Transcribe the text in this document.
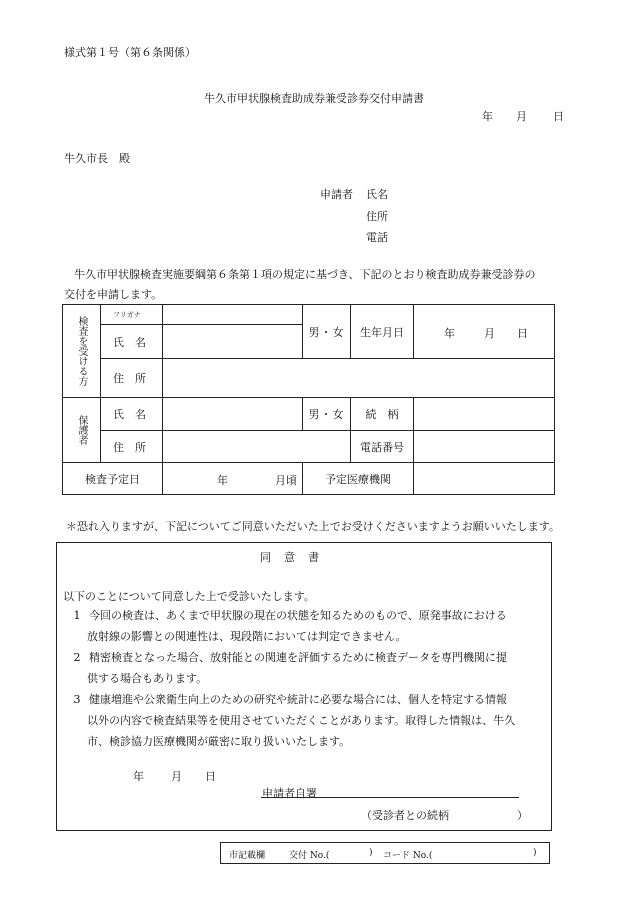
様式第１号（第６条関係）
牛久市甲状腺検査助成券兼受診券交付申請書
年 月 日
牛久市長　殿
申請者 氏名
住所
電話
牛久市甲状腺検査実施要綱第６条第１項の規定に基づき、下記のとおり検査助成券兼受診券の
交付を申請します。
検査を受ける方	フリガナ		男・女	生年月日	年 月 日

	氏　名				
	住　所				

保護者	氏　名		男・女	続　柄	
	住　所			電話番号	
検査予定日		年 月頃	予定医療機関		
＊恐れ入りますが、下記についてご同意いただいた上でお受けくださいますようお願いいたします。
同　意　書
以下のことについて同意した上で受診いたします。
1 今回の検査は、あくまで甲状腺の現在の状態を知るためのもので、原発事故における
放射線の影響との関連性は、現段階においては判定できません。
2 精密検査となった場合、放射能との関連を評価するために検査データを専門機関に提
供する場合もあります。
3 健康増進や公衆衛生向上のための研究や統計に必要な場合には、個人を特定する情報
以外の内容で検査結果等を使用させていただくことがあります。取得した情報は、牛久
市、検診協力医療機関が厳密に取り扱いいたします。
年 月 日
申請者自署
（受診者との続柄	）
市記載欄	交付 No.(	) コード No.(	)
